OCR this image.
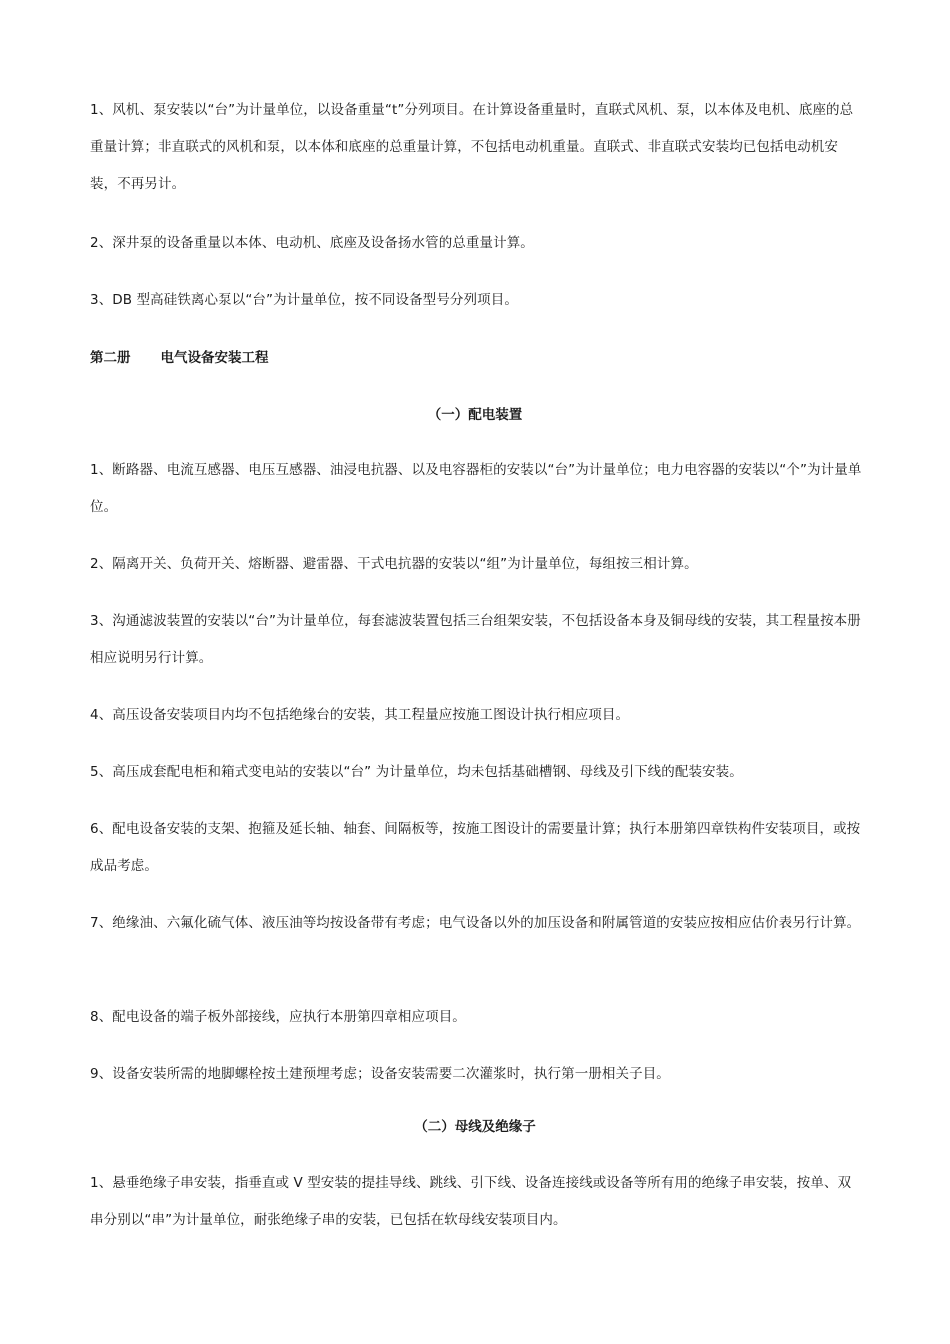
1、风机、泵安装以“台”为计量单位，以设备重量“t”分列项目。在计算设备重量时，直联式风机、泵，以本体及电机、底座的总重量计算；非直联式的风机和泵，以本体和底座的总重量计算，不包括电动机重量。直联式、非直联式安装均已包括电动机安装，不再另计。

2、深井泵的设备重量以本体、电动机、底座及设备扬水管的总重量计算。

3、DB 型高硅铁离心泵以“台”为计量单位，按不同设备型号分列项目。

第二册 电气设备安装工程
（一）配电装置

1、断路器、电流互感器、电压互感器、油浸电抗器、以及电容器柜的安装以“台”为计量单位；电力电容器的安装以“个”为计量单位。

2、隔离开关、负荷开关、熔断器、避雷器、干式电抗器的安装以“组”为计量单位，每组按三相计算。

3、沟通滤波装置的安装以“台”为计量单位，每套滤波装置包括三台组架安装，不包括设备本身及铜母线的安装，其工程量按本册相应说明另行计算。

4、高压设备安装项目内均不包括绝缘台的安装，其工程量应按施工图设计执行相应项目。

5、高压成套配电柜和箱式变电站的安装以“台” 为计量单位，均未包括基础槽钢、母线及引下线的配装安装。

6、配电设备安装的支架、抱箍及延长轴、轴套、间隔板等，按施工图设计的需要量计算；执行本册第四章铁构件安装项目，或按成品考虑。

7、绝缘油、六氟化硫气体、液压油等均按设备带有考虑；电气设备以外的加压设备和附属管道的安装应按相应估价表另行计算。

8、配电设备的端子板外部接线，应执行本册第四章相应项目。

9、设备安装所需的地脚螺栓按土建预埋考虑；设备安装需要二次灌浆时，执行第一册相关子目。

（二）母线及绝缘子

1、悬垂绝缘子串安装，指垂直或 V 型安装的提挂导线、跳线、引下线、设备连接线或设备等所有用的绝缘子串安装，按单、双串分别以“串”为计量单位，耐张绝缘子串的安装，已包括在软母线安装项目内。
